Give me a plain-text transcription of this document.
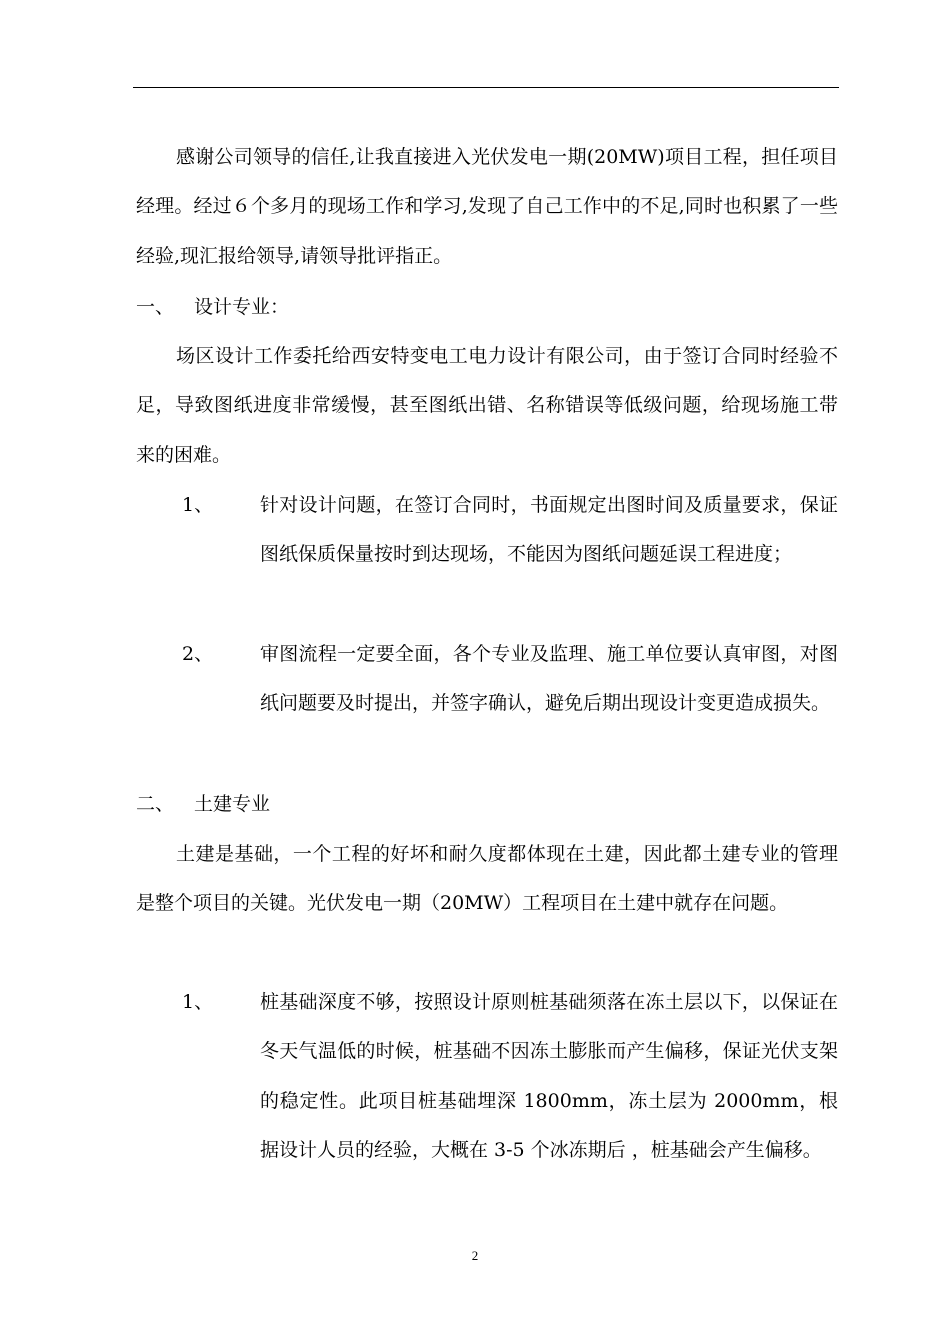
感谢公司领导的信任,让我直接进入光伏发电一期(20MW)项目工程，担任项目经理。经过６个多月的现场工作和学习,发现了自己工作中的不足,同时也积累了一些经验,现汇报给领导,请领导批评指正。

一、 设计专业：

场区设计工作委托给西安特变电工电力设计有限公司，由于签订合同时经验不足，导致图纸进度非常缓慢，甚至图纸出错、名称错误等低级问题，给现场施工带来的困难。

1、 针对设计问题，在签订合同时，书面规定出图时间及质量要求，保证图纸保质保量按时到达现场，不能因为图纸问题延误工程进度；
2、 审图流程一定要全面，各个专业及监理、施工单位要认真审图，对图纸问题要及时提出，并签字确认，避免后期出现设计变更造成损失。
二、 土建专业

土建是基础，一个工程的好坏和耐久度都体现在土建，因此都土建专业的管理是整个项目的关键。光伏发电一期（20MW）工程项目在土建中就存在问题。

1、 桩基础深度不够，按照设计原则桩基础须落在冻土层以下，以保证在冬天气温低的时候，桩基础不因冻土膨胀而产生偏移，保证光伏支架的稳定性。此项目桩基础埋深 1800mm，冻土层为 2000mm，根据设计人员的经验，大概在 3-5 个冰冻期后 ，桩基础会产生偏移。
2
